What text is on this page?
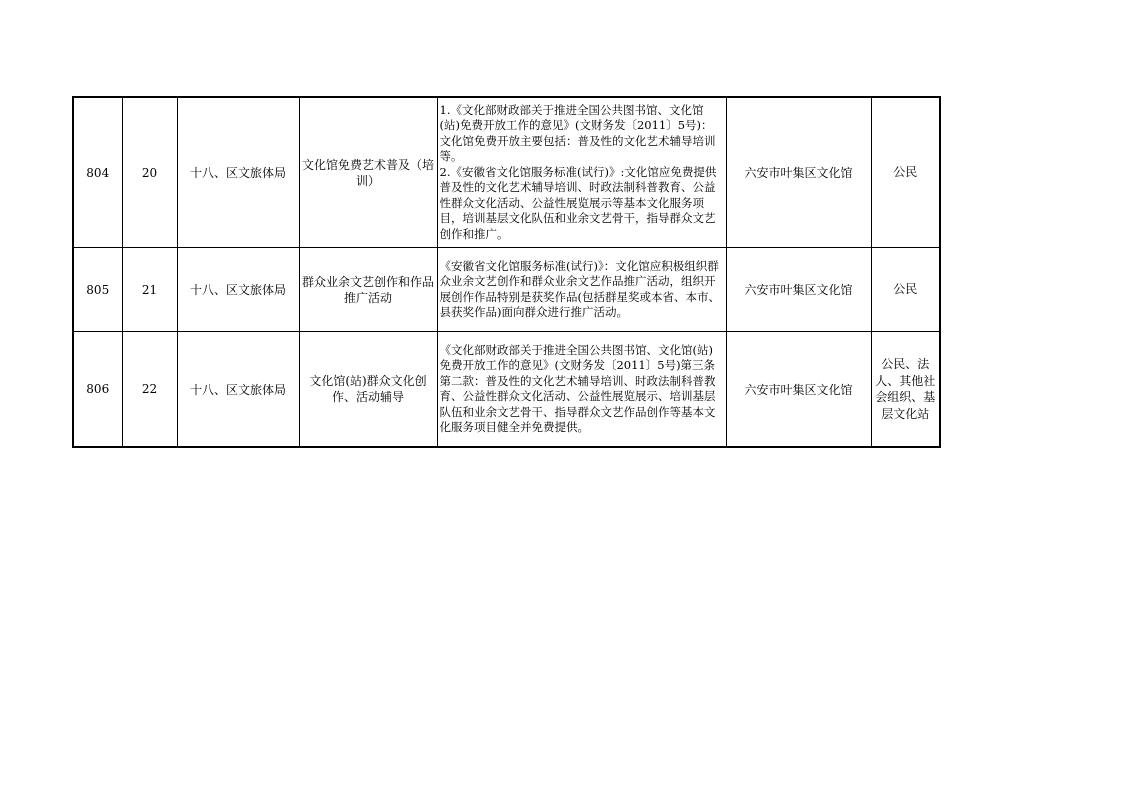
804	20	十八、区文旅体局	文化馆免费艺术普及（培训）	1.《文化部财政部关于推进全国公共图书馆、文化馆(站)免费开放工作的意见》(文财务发〔2011〕5号)：文化馆免费开放主要包括：普及性的文化艺术辅导培训等。
2.《安徽省文化馆服务标准(试行)》:文化馆应免费提供普及性的文化艺术辅导培训、时政法制科普教育、公益性群众文化活动、公益性展览展示等基本文化服务项目，培训基层文化队伍和业余文艺骨干，指导群众文艺创作和推广。	六安市叶集区文化馆	公民
805	21	十八、区文旅体局	群众业余文艺创作和作品推广活动	《安徽省文化馆服务标准(试行)》：文化馆应积极组织群众业余文艺创作和群众业余文艺作品推广活动，组织开展创作作品特别是获奖作品(包括群星奖或本省、本市、县获奖作品)面向群众进行推广活动。	六安市叶集区文化馆	公民
806	22	十八、区文旅体局	文化馆(站)群众文化创作、活动辅导	《文化部财政部关于推进全国公共图书馆、文化馆(站)免费开放工作的意见》(文财务发〔2011〕5号)第三条第二款：普及性的文化艺术辅导培训、时政法制科普教育、公益性群众文化活动、公益性展览展示、培训基层队伍和业余文艺骨干、指导群众文艺作品创作等基本文化服务项目健全并免费提供。	六安市叶集区文化馆	公民、法人、其他社会组织、基层文化站
